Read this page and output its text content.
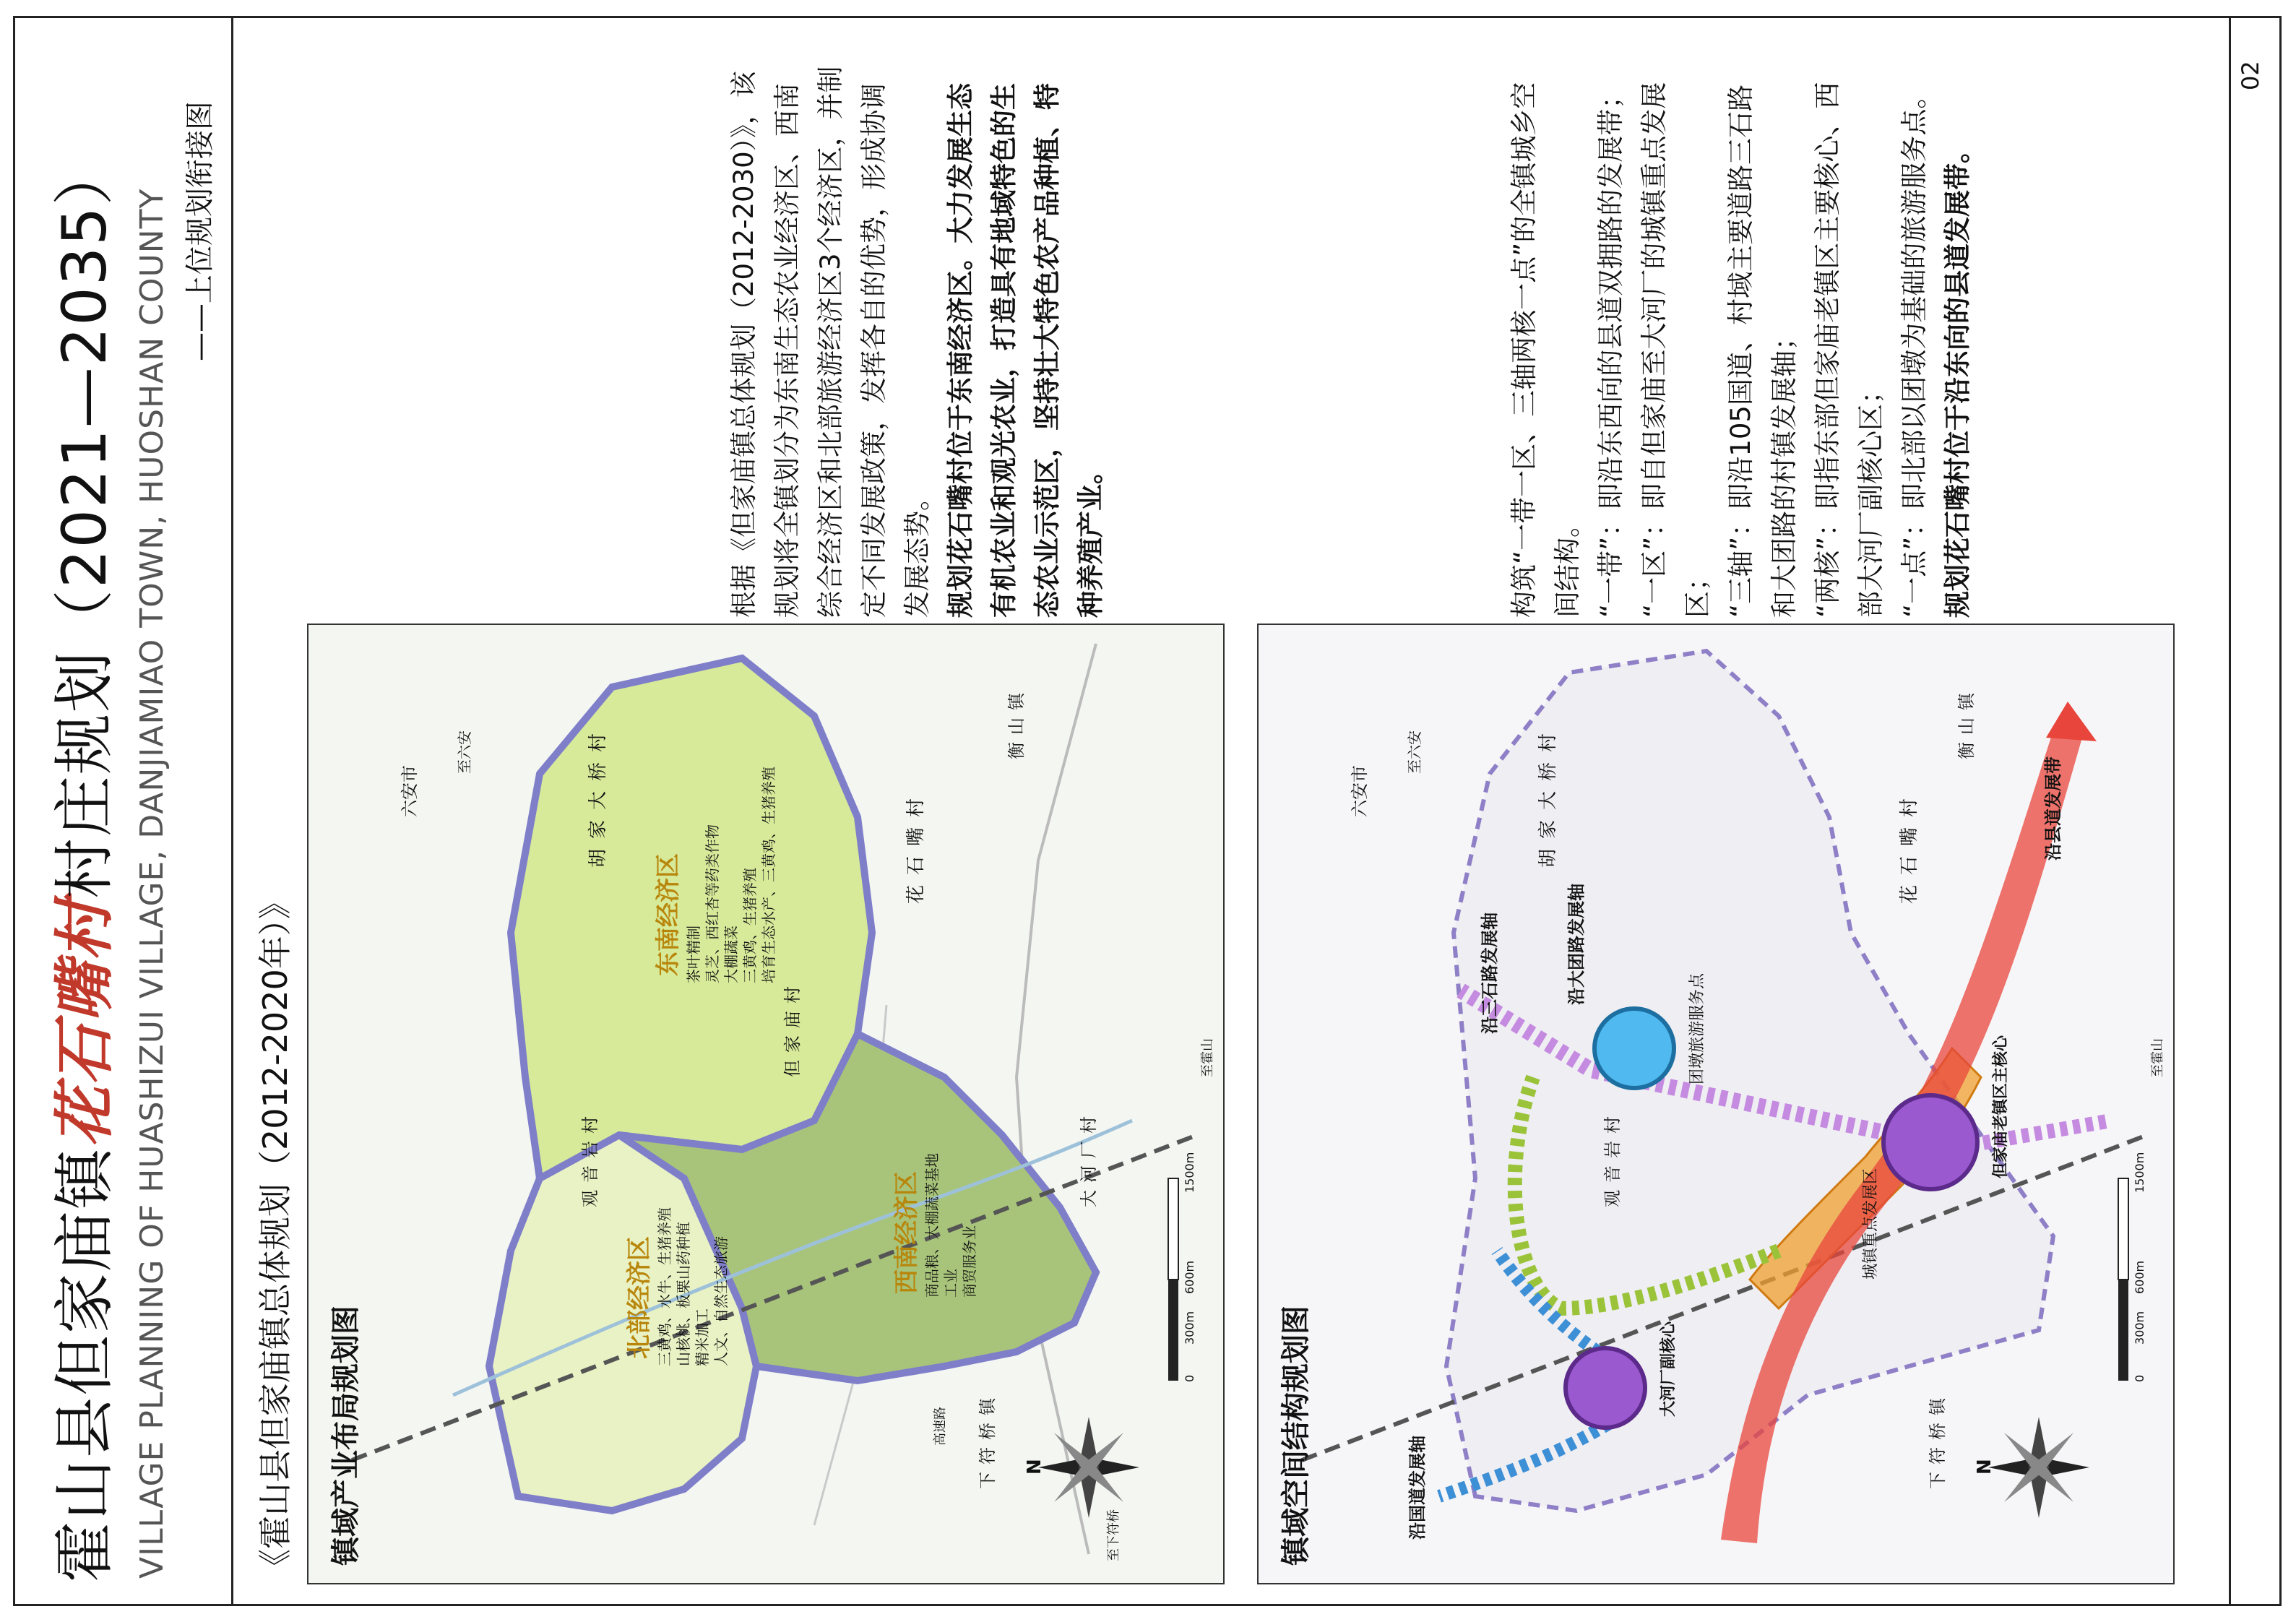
霍山县但家庙镇花石嘴村村庄规划（2021—2035） VILLAGE PLANNING OF HUASHIZUI VILLAGE, DANJIAMIAO TOWN, HUOSHAN COUNTY ——上位规划衔接图
02
《霍山县但家庙镇总体规划（2012-2020年）》 镇域产业布局规划图
北部经济区 三黄鸡、水牛、生猪养殖 山核桃、板栗山药种植 精米加工 人文、自然生态旅游
东南经济区 茶叶精制 灵芝、西红杏等药类作物 大棚蔬菜 三黄鸡、生猪养殖 培育生态水产、三黄鸡、生猪养殖
西南经济区 商品粮、大棚蔬菜基地 工业 商贸服务业
六安市
至六安	胡家大桥村	花石嘴村
观音岩村
但家庙村
大河厂村
下符桥镇
衡山镇
至下符桥
高速路
至霍山
N
0
300m
600m
1500m
镇域空间结构规划图
沿县道发展带
沿三石路发展轴	沿大团路发展轴
沿国道发展轴
城镇重点发展区
但家庙老镇区主核心
大河厂副核心
团墩旅游服务点
六安市
至六安	胡家大桥村	花石嘴村
观音岩村
下符桥镇
衡山镇
至霍山
N
0
300m
600m
1500m

根据《但家庙镇总体规划（2012-2030）》，该规划将全镇划分为东南生态农业经济区、西南综合经济区和北部旅游经济区3个经济区，并制定不同发展政策，发挥各自的优势，形成协调发展态势。 规划花石嘴村位于东南经济区。大力发展生态有机农业和观光农业，打造具有地域特色的生态农业示范区，坚持壮大特色农产品种植、特种养殖产业。	构筑“一带一区、三轴两核一点”的全镇城乡空间结构。 “一带”：即沿东西向的县道双拥路的发展带； “一区”：即自但家庙至大河厂的城镇重点发展区； “三轴”：即沿105国道、村域主要道路三石路和大团路的村镇发展轴； “两核”：即指东部但家庙老镇区主要核心、西部大河厂副核心区； “一点”：即北部以团墩为基础的旅游服务点。 规划花石嘴村位于沿东向的县道发展带。
